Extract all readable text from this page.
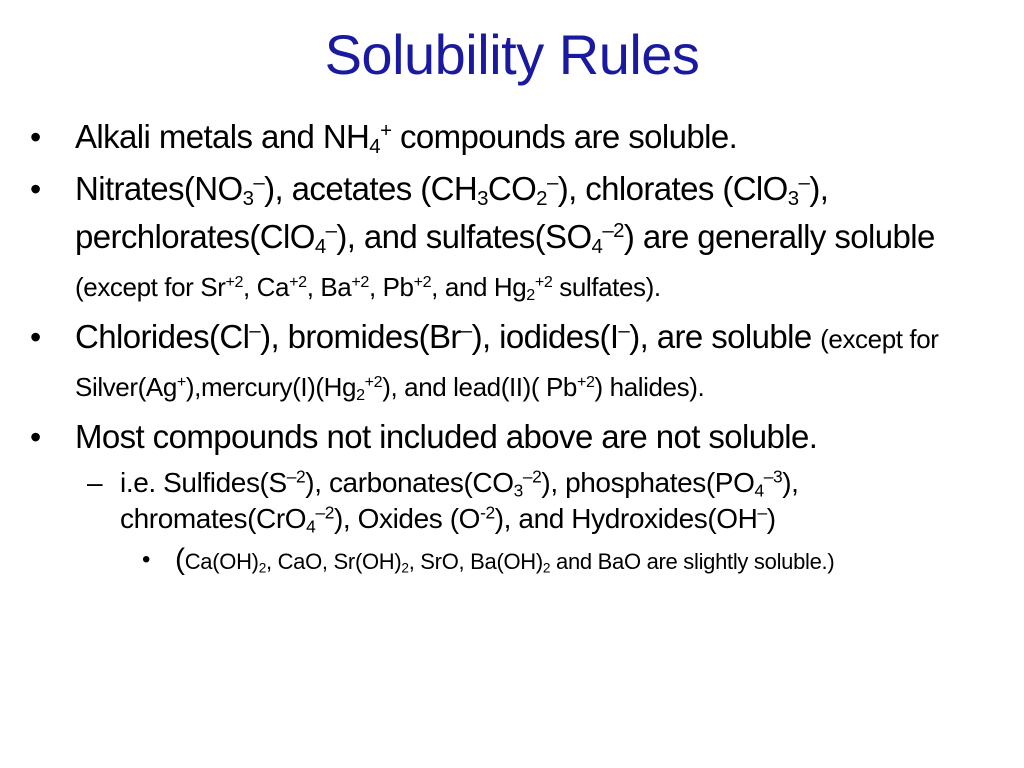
Solubility Rules
• Alkali metals and $NH_4^+$ compounds are soluble.
• $Nitrates(NO_3^-)$, acetates $(CH_3CO_2^-)$, chlorates (ClO$_3$–), perchlorates(ClO$_4$–), and $sulfates(SO_4^{-2})$ are generally soluble (except for $Sr^{+2}$, $Ca^{+2}$, $Ba^{+2}$, $Pb^{+2}$, and $Hg_2^{+2}$ sulfates).
• Chlorides(Cl–), bromides(Br–), iodides(I–), are soluble (except for $Silver(Ag^+),mercury(I)(Hg_2^{+2})$, and lead(II)( $Pb^{+2}$) halides).
• Most compounds not included above are not soluble.
– i.e. $Sulfides(S^{-2})$, $carbonates(CO_3^{-2})$, $phosphates(PO_4^{-3})$, chromates(CrO$_4^{-2}$), Oxides $(O^{-2})$, and Hydroxides(OH–)
• ($Ca(OH)_2$, CaO, $Sr(OH)_2$, SrO, $Ba(OH)_2$ and BaO are slightly soluble.)
